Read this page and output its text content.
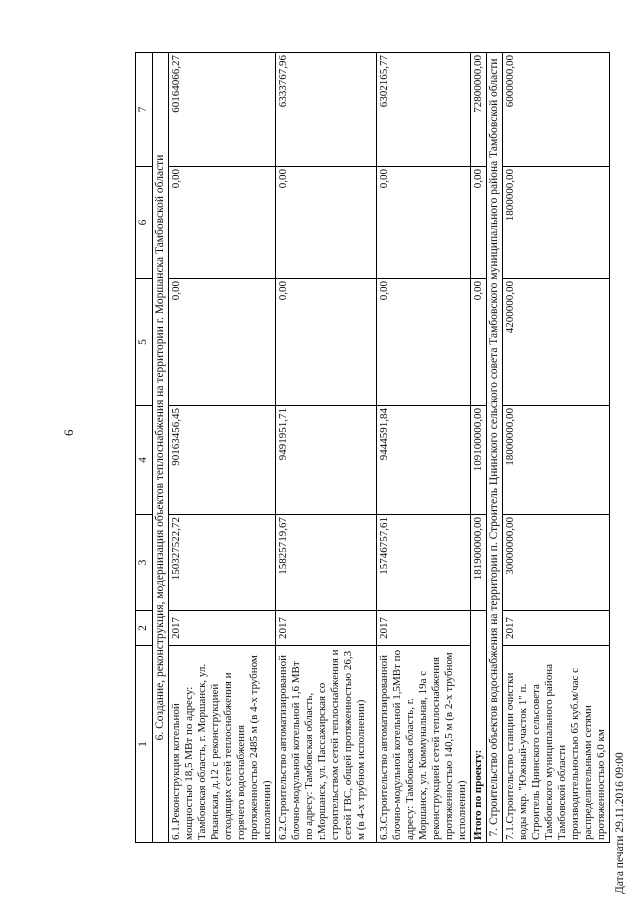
6
1	2	3	4	5	6	7
6. Создание, реконструкция, модернизация объектов теплоснабжения на территории г. Моршанска Тамбовской области						
6.1.Реконструкция котельной мощностью 18,5 МВт по адресу: Тамбовская область, г. Моршанск, ул. Рязанская, д.12 с реконструкцией отходящих сетей теплоснабжения и горячего водоснабжения протяженностью 2485 м (в 4-х трубном исполнении)	2017	150327522,72	90163456,45	0,00	0,00	60164066,27
6.2.Строительство автоматизированной блочно-модульной котельной 1,6 МВт по адресу: Тамбовская область, г.Моршанск, ул. Пассажирская со строительством сетей теплоснабжения и сетей ГВС, общей протяженностью 26,3 м (в 4-х трубном исполнении)	2017	15825719,67	9491951,71	0,00	0,00	6333767,96
6.3.Строительство автоматизированной блочно-модульной котельной 1,5МВт по адресу: Тамбовская область, г. Моршанск, ул. Коммунальная, 19а с реконструкцией сетей теплоснабжения протяженностью 140,5 м (в 2-х трубном исполнении)	2017	15746757,61	9444591,84	0,00	0,00	6302165,77
Итого по проекту:		181900000,00	109100000,00	0,00	0,00	72800000,00
7. Строительство объектов водоснабжения на территории п. Строитель Цнинского сельского совета Тамбовского муниципального района Тамбовской области						
7.1.Строительство станции очистки воды мкр. "Южный-участок 1" п. Строитель Цнинского сельсовета Тамбовского муниципального района Тамбовской области производительностью 65 куб.м/час с распределительными сетями протяженностью 6,0 км	2017	30000000,00	18000000,00	4200000,00	1800000,00	6000000,00
Дата печати 29.11.2016 09:00
